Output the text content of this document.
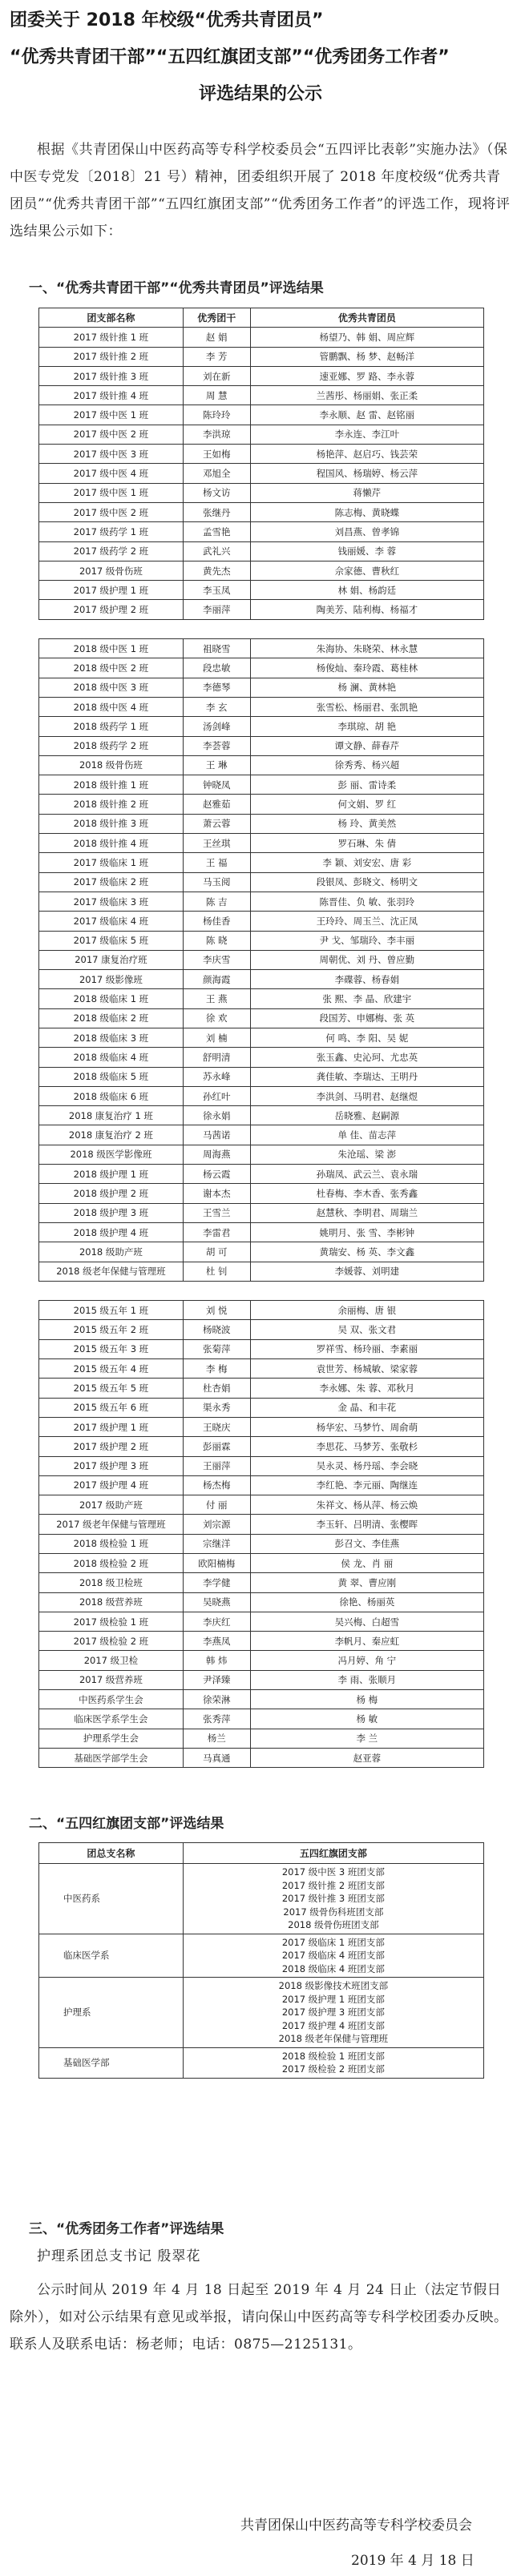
团委关于 2018 年校级“优秀共青团员”
“优秀共青团干部”“五四红旗团支部”“优秀团务工作者”
评选结果的公示
根据《共青团保山中医药高等专科学校委员会“五四评比表彰”实施办法》（保中医专党发〔2018〕21 号）精神，团委组织开展了 2018 年度校级“优秀共青团员”“优秀共青团干部”“五四红旗团支部”“优秀团务工作者”的评选工作，现将评选结果公示如下：
一、“优秀共青团干部”“优秀共青团员”评选结果
团支部名称	优秀团干	优秀共青团员
2017 级针推 1 班	赵 娟	杨望乃、韩 娟、周应辉
2017 级针推 2 班	李 芳	管鹏飘、杨 梦、赵畅洋
2017 级针推 3 班	刘在新	速亚娜、罗 路、李永蓉
2017 级针推 4 班	周 慧	兰茜彤、杨丽娟、张正柔
2017 级中医 1 班	陈玲玲	李永顺、赵 雷、赵铭丽
2017 级中医 2 班	李洪琼	李永连、李江叶
2017 级中医 3 班	王如梅	杨艳萍、赵启巧、钱芸荣
2017 级中医 4 班	邓旭全	程国风、杨瑞婷、杨云萍
2017 级中医 1 班	杨文访	蒋懒芹
2017 级中医 2 班	张继丹	陈志梅、黄晓蝶
2017 级药学 1 班	孟雪艳	刘昌燕、曾孝锦
2017 级药学 2 班	武礼兴	钱丽媛、李 蓉
2017 级骨伤班	黄先杰	佘家德、曹秋红
2017 级护理 1 班	李玉凤	林 娟、杨韵廷
2017 级护理 2 班	李丽萍	陶美芳、陆利梅、杨福才

2018 级中医 1 班	祖晓雪	朱海协、朱晓荣、林永慧
2018 级中医 2 班	段忠敏	杨俊灿、秦玲霞、葛桂林
2018 级中医 3 班	李德琴	杨 澜、黄林艳
2018 级中医 4 班	李 玄	张雪松、杨丽君、张凯艳
2018 级药学 1 班	汤剑峰	李琪琼、胡 艳
2018 级药学 2 班	李荟蓉	谭文静、薛春芹
2018 级骨伤班	王 琳	徐秀秀、杨兴超
2018 级针推 1 班	钟晓凤	彭 丽、雷诗柔
2018 级针推 2 班	赵雅茹	何文娟、罗 红
2018 级针推 3 班	萧云蓉	杨 玲、黄美然
2018 级针推 4 班	王丝琪	罗石琳、朱 倩
2017 级临床 1 班	王 福	李 颖、刘安宏、唐 彩
2017 级临床 2 班	马玉阅	段银凤、彭晓文、杨明文
2017 级临床 3 班	陈 吉	陈晋佳、负 敏、张羽玲
2017 级临床 4 班	杨佳香	王玲玲、周玉兰、沈正凤
2017 级临床 5 班	陈 晓	尹 戈、邹瑞玲、李丰丽
2017 康复治疗班	李庆雪	周朝优、刘 丹、曾应勤
2017 级影像班	颜海霞	李碟蓉、杨春娟
2018 级临床 1 班	王 燕	张 熙、李 晶、欣建宇
2018 级临床 2 班	徐 欢	段国芳、申娜梅、张 英
2018 级临床 3 班	刘 楠	何 鸣、李 阳、吴 妮
2018 级临床 4 班	舒明清	张玉鑫、史沁珂、尤忠英
2018 级临床 5 班	苏永峰	龚佳敏、李瑞达、王明丹
2018 级临床 6 班	孙红叶	李洪剑、马明君、赵继煜
2018 康复治疗 1 班	徐永娟	岳晓雅、赵嗣源
2018 康复治疗 2 班	马茜诺	单 佳、苗志萍
2018 级医学影像班	周海燕	朱沧瑶、梁 澎
2018 级护理 1 班	杨云霞	孙瑞凤、武云兰、袁永瑞
2018 级护理 2 班	谢本杰	杜春梅、李木香、张秀鑫
2018 级护理 3 班	王雪兰	赵慧秋、李明君、周瑞兰
2018 级护理 4 班	李雷君	姚明月、张 雪、李彬钟
2018 级助产班	胡 可	黄瑞安、杨 英、李文鑫
2018 级老年保健与管理班	杜 钊	李媛蓉、刘明建

2015 级五年 1 班	刘 悦	余丽梅、唐 银
2015 级五年 2 班	杨晓波	吴 双、张文君
2015 级五年 3 班	张菊萍	罗祥雪、杨玲丽、李素丽
2015 级五年 4 班	李 梅	袁世芳、杨城敏、梁家蓉
2015 级五年 5 班	杜杏娟	李永娜、朱 蓉、邓秋月
2015 级五年 6 班	渠永秀	金 晶、和丰花
2017 级护理 1 班	王晓庆	杨华宏、马梦竹、周俞萌
2017 级护理 2 班	彭丽霖	李思花、马梦芳、张敬杉
2017 级护理 3 班	王丽萍	吴永灵、杨丹瑶、李会晓
2017 级护理 4 班	杨杰梅	李红艳、李元丽、陶继连
2017 级助产班	付 丽	朱祥文、杨从萍、杨云焕
2017 级老年保健与管理班	刘宗源	李玉轩、吕明清、张樱晖
2018 级检验 1 班	宗继洋	彭召文、李佳燕
2018 级检验 2 班	欧阳楠梅	侯 龙、肖 丽
2018 级卫检班	李学健	黄 翠、曹应刚
2018 级营养班	吴晓燕	徐艳、杨丽英
2017 级检验 1 班	李庆红	吴兴梅、白超雪
2017 级检验 2 班	李燕凤	李帆月、秦应虹
2017 级卫检	韩 炜	冯月婷、角 宁
2017 级营养班	尹泽臻	李 雨、张顺月
中医药系学生会	徐荣淋	杨 梅
临床医学系学生会	张秀萍	杨 敏
护理系学生会	杨兰	李 兰
基础医学部学生会	马真通	赵亚蓉
二、“五四红旗团支部”评选结果
团总支名称	五四红旗团支部
中医药系	2017 级中医 3 班团支部
2017 级针推 2 班团支部
2017 级针推 3 班团支部
2017 级骨伤科班团支部
2018 级骨伤班团支部

临床医学系	2017 级临床 1 班团支部
2017 级临床 4 班团支部
2018 级临床 4 班团支部

护理系	2018 级影像技术班团支部
2017 级护理 1 班团支部
2017 级护理 3 班团支部
2017 级护理 4 班团支部
2018 级老年保健与管理班

基础医学部	2018 级检验 1 班团支部
2017 级检验 2 班团支部
三、“优秀团务工作者”评选结果
护理系团总支书记 殷翠花
公示时间从 2019 年 4 月 18 日起至 2019 年 4 月 24 日止（法定节假日除外），如对公示结果有意见或举报，请向保山中医药高等专科学校团委办反映。联系人及联系电话：杨老师；电话：0875—2125131。
共青团保山中医药高等专科学校委员会
2019 年 4 月 18 日
